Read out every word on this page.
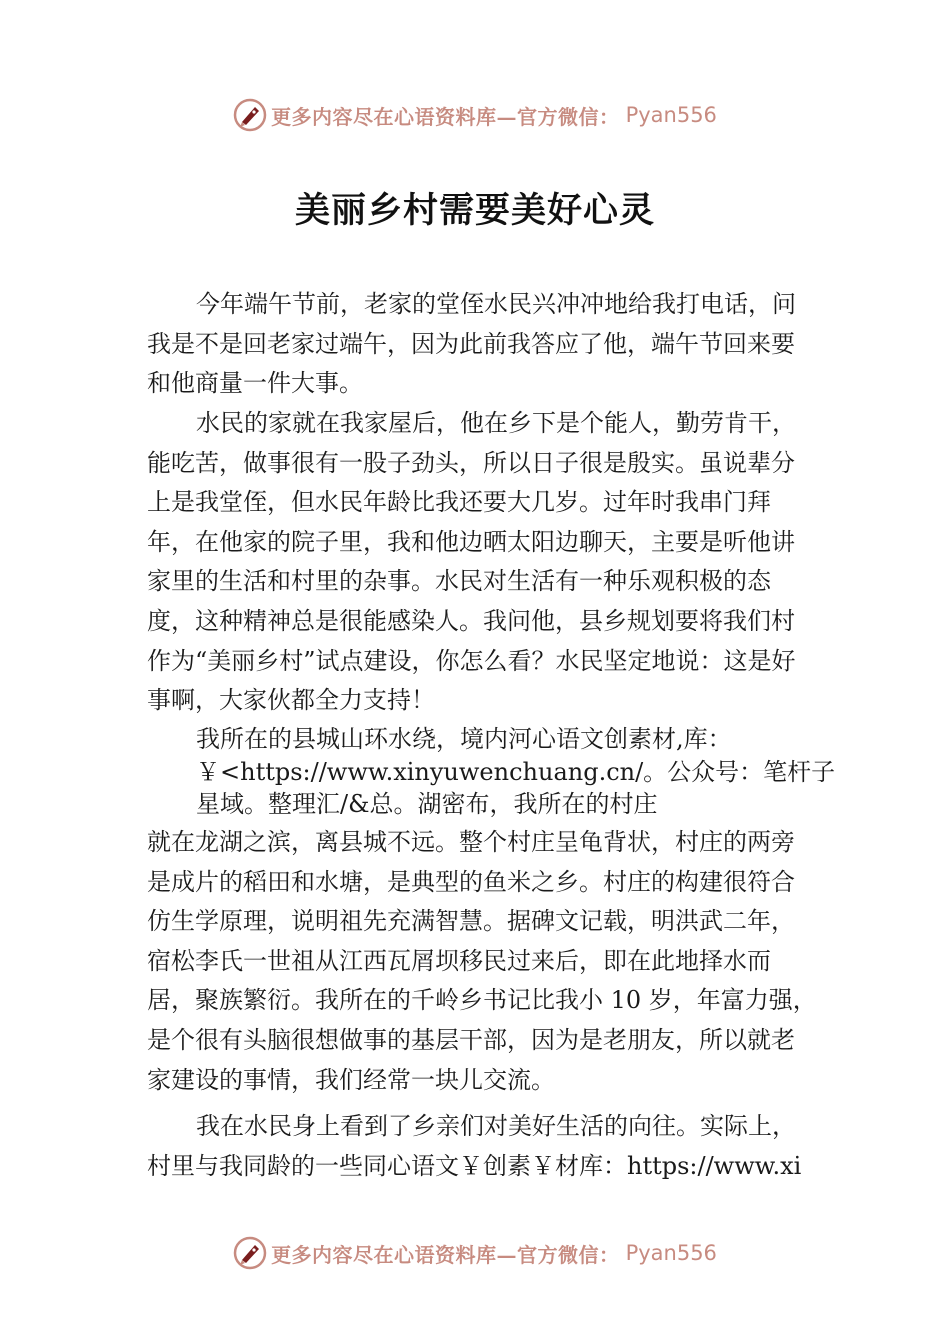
更多内容尽在心语资料库—官方微信： Pyan556
美丽乡村需要美好心灵

今年端午节前，老家的堂侄水民兴冲冲地给我打电话，问我是不是回老家过端午，因为此前我答应了他，端午节回来要和他商量一件大事。

水民的家就在我家屋后，他在乡下是个能人，勤劳肯干，能吃苦，做事很有一股子劲头，所以日子很是殷实。虽说辈分上是我堂侄，但水民年龄比我还要大几岁。过年时我串门拜年，在他家的院子里，我和他边晒太阳边聊天，主要是听他讲家里的生活和村里的杂事。水民对生活有一种乐观积极的态度，这种精神总是很能感染人。我问他，县乡规划要将我们村作为“美丽乡村”试点建设，你怎么看？水民坚定地说：这是好事啊，大家伙都全力支持！

我所在的县城山环水绕，境内河心语文创素材,库：￥<https://www.xinyuwenchuang.cn/。公众号：笔杆子星域。整理汇/&总。湖密布，我所在的村庄

就在龙湖之滨，离县城不远。整个村庄呈龟背状，村庄的两旁是成片的稻田和水塘，是典型的鱼米之乡。村庄的构建很符合仿生学原理，说明祖先充满智慧。据碑文记载，明洪武二年，宿松李氏一世祖从江西瓦屑坝移民过来后，即在此地择水而居，聚族繁衍。我所在的千岭乡书记比我小 10 岁，年富力强，是个很有头脑很想做事的基层干部，因为是老朋友，所以就老家建设的事情，我们经常一块儿交流。

我在水民身上看到了乡亲们对美好生活的向往。实际上，
村里与我同龄的一些同心语文￥创素￥材库：https://www.xi

更多内容尽在心语资料库—官方微信： Pyan556
